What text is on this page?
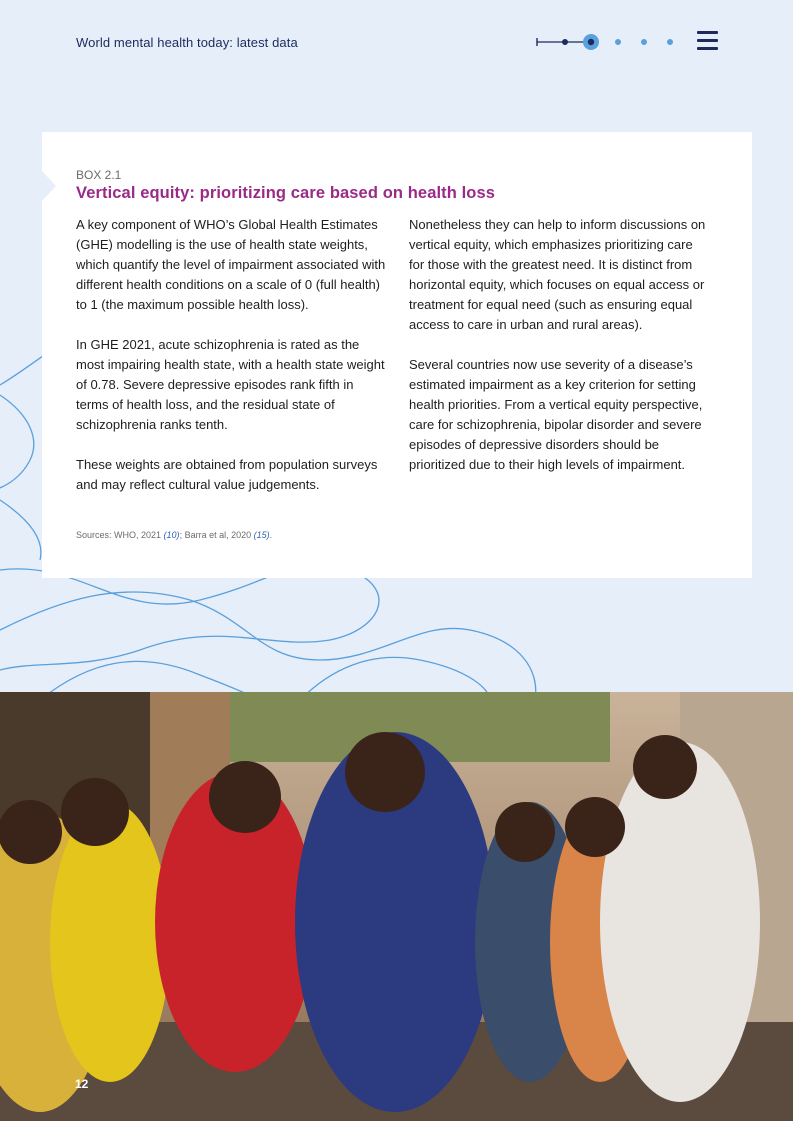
World mental health today: latest data
BOX 2.1
Vertical equity: prioritizing care based on health loss

A key component of WHO’s Global Health Estimates (GHE) modelling is the use of health state weights, which quantify the level of impairment associated with different health conditions on a scale of 0 (full health) to 1 (the maximum possible health loss).

In GHE 2021, acute schizophrenia is rated as the most impairing health state, with a health state weight of 0.78. Severe depressive episodes rank fifth in terms of health loss, and the residual state of schizophrenia ranks tenth.

These weights are obtained from population surveys and may reflect cultural value judgements.

Nonetheless they can help to inform discussions on vertical equity, which emphasizes prioritizing care for those with the greatest need. It is distinct from horizontal equity, which focuses on equal access or treatment for equal need (such as ensuring equal access to care in urban and rural areas).

Several countries now use severity of a disease’s estimated impairment as a key criterion for setting health priorities. From a vertical equity perspective, care for schizophrenia, bipolar disorder and severe episodes of depressive disorders should be prioritized due to their high levels of impairment.

Sources: WHO, 2021 (10); Barra et al, 2020 (15).
12
